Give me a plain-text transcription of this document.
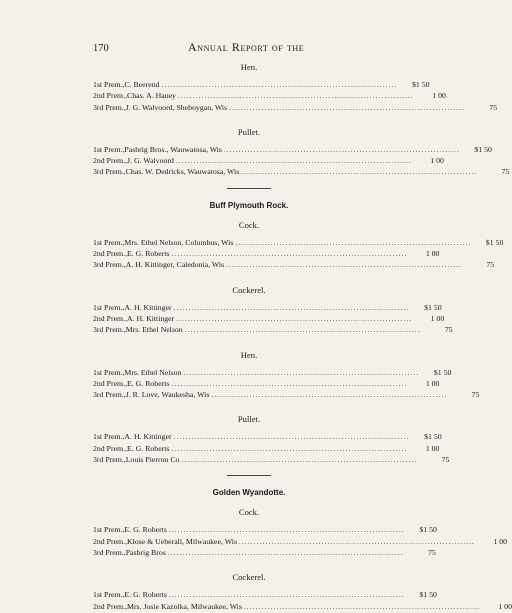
170	Annual Report of the
Hen.
1st Prem. , C. Beerend ................................................................................	$1 50
2nd Prem. , Chas. A. Haney ................................................................................	1 00
3rd Prem. , J. G. Walvoord, Sheboygan, Wis ................................................................................	75
Pullet.
1st Prem. , Pasbrig Bros., Wauwatosa, Wis ................................................................................	$1 50
2nd Prem. , J. G. Walvoord ................................................................................	1 00
3rd Prem. , Chas. W. Dedricks, Wauwatosa, Wis ................................................................................	75
Buff Plymouth Rock.
Cock.
1st Prem. , Mrs. Ethel Nelson, Columbus, Wis ................................................................................	$1 50
2nd Prem. , E. G. Roberts ................................................................................	1 00
3rd Prem. , A. H. Kittinger, Caledonia, Wis ................................................................................	75
Cockerel.
1st Prem. , A. H. Kittinger ................................................................................	$1 50
2nd Prem. , A. H. Kittinger ................................................................................	1 00
3rd Prem. , Mrs. Ethel Nelson ................................................................................	75
Hen.
1st Prem. , Mrs. Ethel Nelson ................................................................................	$1 50
2nd Prem. , E. G. Roberts ................................................................................	1 00
3rd Prem. , J. R. Love, Waukesha, Wis ................................................................................	75
Pullet.
1st Prem. , A. H. Kittinger ................................................................................	$1 50
2nd Prem. , E. G. Roberts ................................................................................	1 00
3rd Prem. , Louis Pierron Co ................................................................................	75
Golden Wyandotte.
Cock.
1st Prem. , E. G. Roberts ................................................................................	$1 50
2nd Prem. , Klose & Ueberall, Milwaukee, Wis ................................................................................	1 00
3rd Prem. , Pasbrig Bros ................................................................................	75
Cockerel.
1st Prem. , E. G. Roberts ................................................................................	$1 50
2nd Prem. , Mrs. Josie Kazolka, Milwaukee, Wis ................................................................................	1 00
